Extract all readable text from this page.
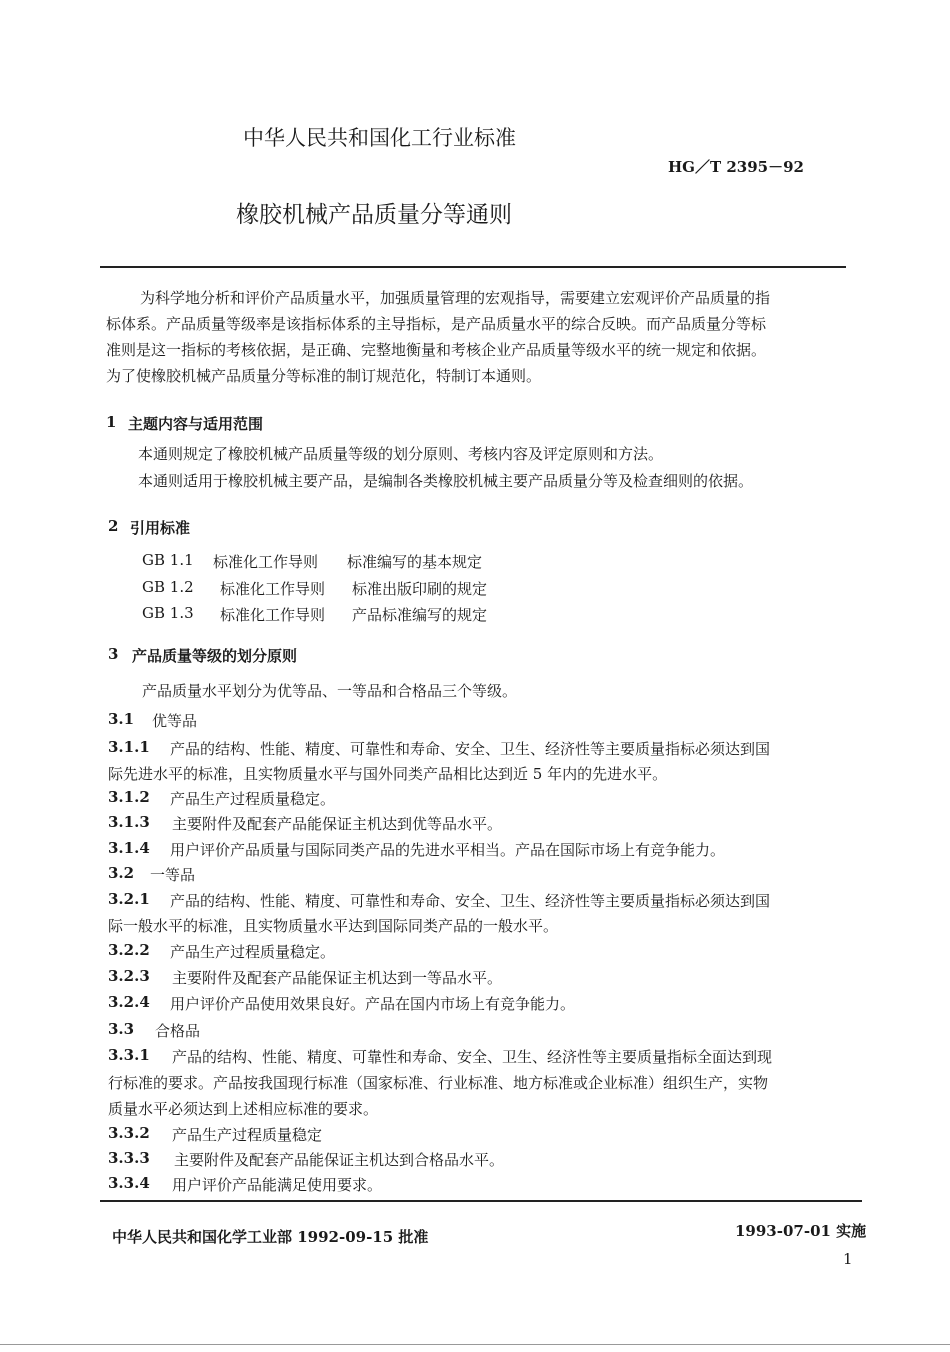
中华人民共和国化工行业标准
HG／T 2395－92
橡胶机械产品质量分等通则
为科学地分析和评价产品质量水平，加强质量管理的宏观指导，需要建立宏观评价产品质量的指
标体系。产品质量等级率是该指标体系的主导指标，是产品质量水平的综合反映。而产品质量分等标
准则是这一指标的考核依据，是正确、完整地衡量和考核企业产品质量等级水平的统一规定和依据。
为了使橡胶机械产品质量分等标准的制订规范化，特制订本通则。
1 主题内容与适用范围
本通则规定了橡胶机械产品质量等级的划分原则、考核内容及评定原则和方法。
本通则适用于橡胶机械主要产品，是编制各类橡胶机械主要产品质量分等及检查细则的依据。
2 引用标准
GB 1.1 标准化工作导则 标准编写的基本规定
GB 1.2 标准化工作导则 标准出版印刷的规定
GB 1.3 标准化工作导则 产品标准编写的规定
3 产品质量等级的划分原则
产品质量水平划分为优等品、一等品和合格品三个等级。
3.1 优等品
3.1.1 产品的结构、性能、精度、可靠性和寿命、安全、卫生、经济性等主要质量指标必须达到国
际先进水平的标准，且实物质量水平与国外同类产品相比达到近 5 年内的先进水平。
3.1.2 产品生产过程质量稳定。
3.1.3 主要附件及配套产品能保证主机达到优等品水平。
3.1.4 用户评价产品质量与国际同类产品的先进水平相当。产品在国际市场上有竞争能力。
3.2 一等品
3.2.1 产品的结构、性能、精度、可靠性和寿命、安全、卫生、经济性等主要质量指标必须达到国
际一般水平的标准，且实物质量水平达到国际同类产品的一般水平。
3.2.2 产品生产过程质量稳定。
3.2.3 主要附件及配套产品能保证主机达到一等品水平。
3.2.4 用户评价产品使用效果良好。产品在国内市场上有竞争能力。
3.3 合格品
3.3.1 产品的结构、性能、精度、可靠性和寿命、安全、卫生、经济性等主要质量指标全面达到现
行标准的要求。产品按我国现行标准（国家标准、行业标准、地方标准或企业标准）组织生产，实物
质量水平必须达到上述相应标准的要求。
3.3.2 产品生产过程质量稳定
3.3.3 主要附件及配套产品能保证主机达到合格品水平。
3.3.4 用户评价产品能满足使用要求。
中华人民共和国化学工业部 1992-09-15 批准	1993-07-01 实施
1
